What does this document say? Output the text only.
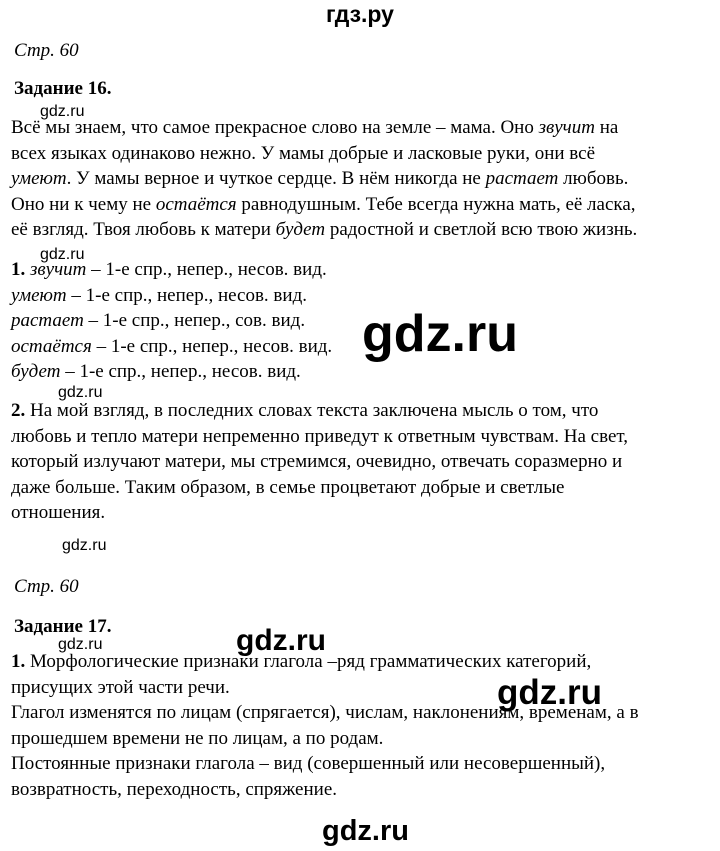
гдз.ру
Стр. 60
Задание 16.
Всё мы знаем, что самое прекрасное слово на земле – мама. Оно звучит на
всех языках одинаково нежно. У мамы добрые и ласковые руки, они всё
умеют. У мамы верное и чуткое сердце. В нём никогда не растает любовь.
Оно ни к чему не остаётся равнодушным. Тебе всегда нужна мать, её ласка,
её взгляд. Твоя любовь к матери будет радостной и светлой всю твою жизнь.
1. звучит – 1-е спр., непер., несов. вид.
умеют – 1-е спр., непер., несов. вид.
растает – 1-е спр., непер., сов. вид.
остаётся – 1-е спр., непер., несов. вид.
будет – 1-е спр., непер., несов. вид.
2. На мой взгляд, в последних словах текста заключена мысль о том, что
любовь и тепло матери непременно приведут к ответным чувствам. На свет,
который излучают матери, мы стремимся, очевидно, отвечать соразмерно и
даже больше. Таким образом, в семье процветают добрые и светлые
отношения.
Стр. 60
Задание 17.
1. Морфологические признаки глагола –ряд грамматических категорий,
присущих этой части речи.
Глагол изменятся по лицам (спрягается), числам, наклонениям, временам, а в
прошедшем времени не по лицам, а по родам.
Постоянные признаки глагола – вид (совершенный или несовершенный),
возвратность, переходность, спряжение.
gdz.ru
gdz.ru
gdz.ru
gdz.ru
gdz.ru
gdz.ru
gdz.ru
gdz.ru
gdz.ru
